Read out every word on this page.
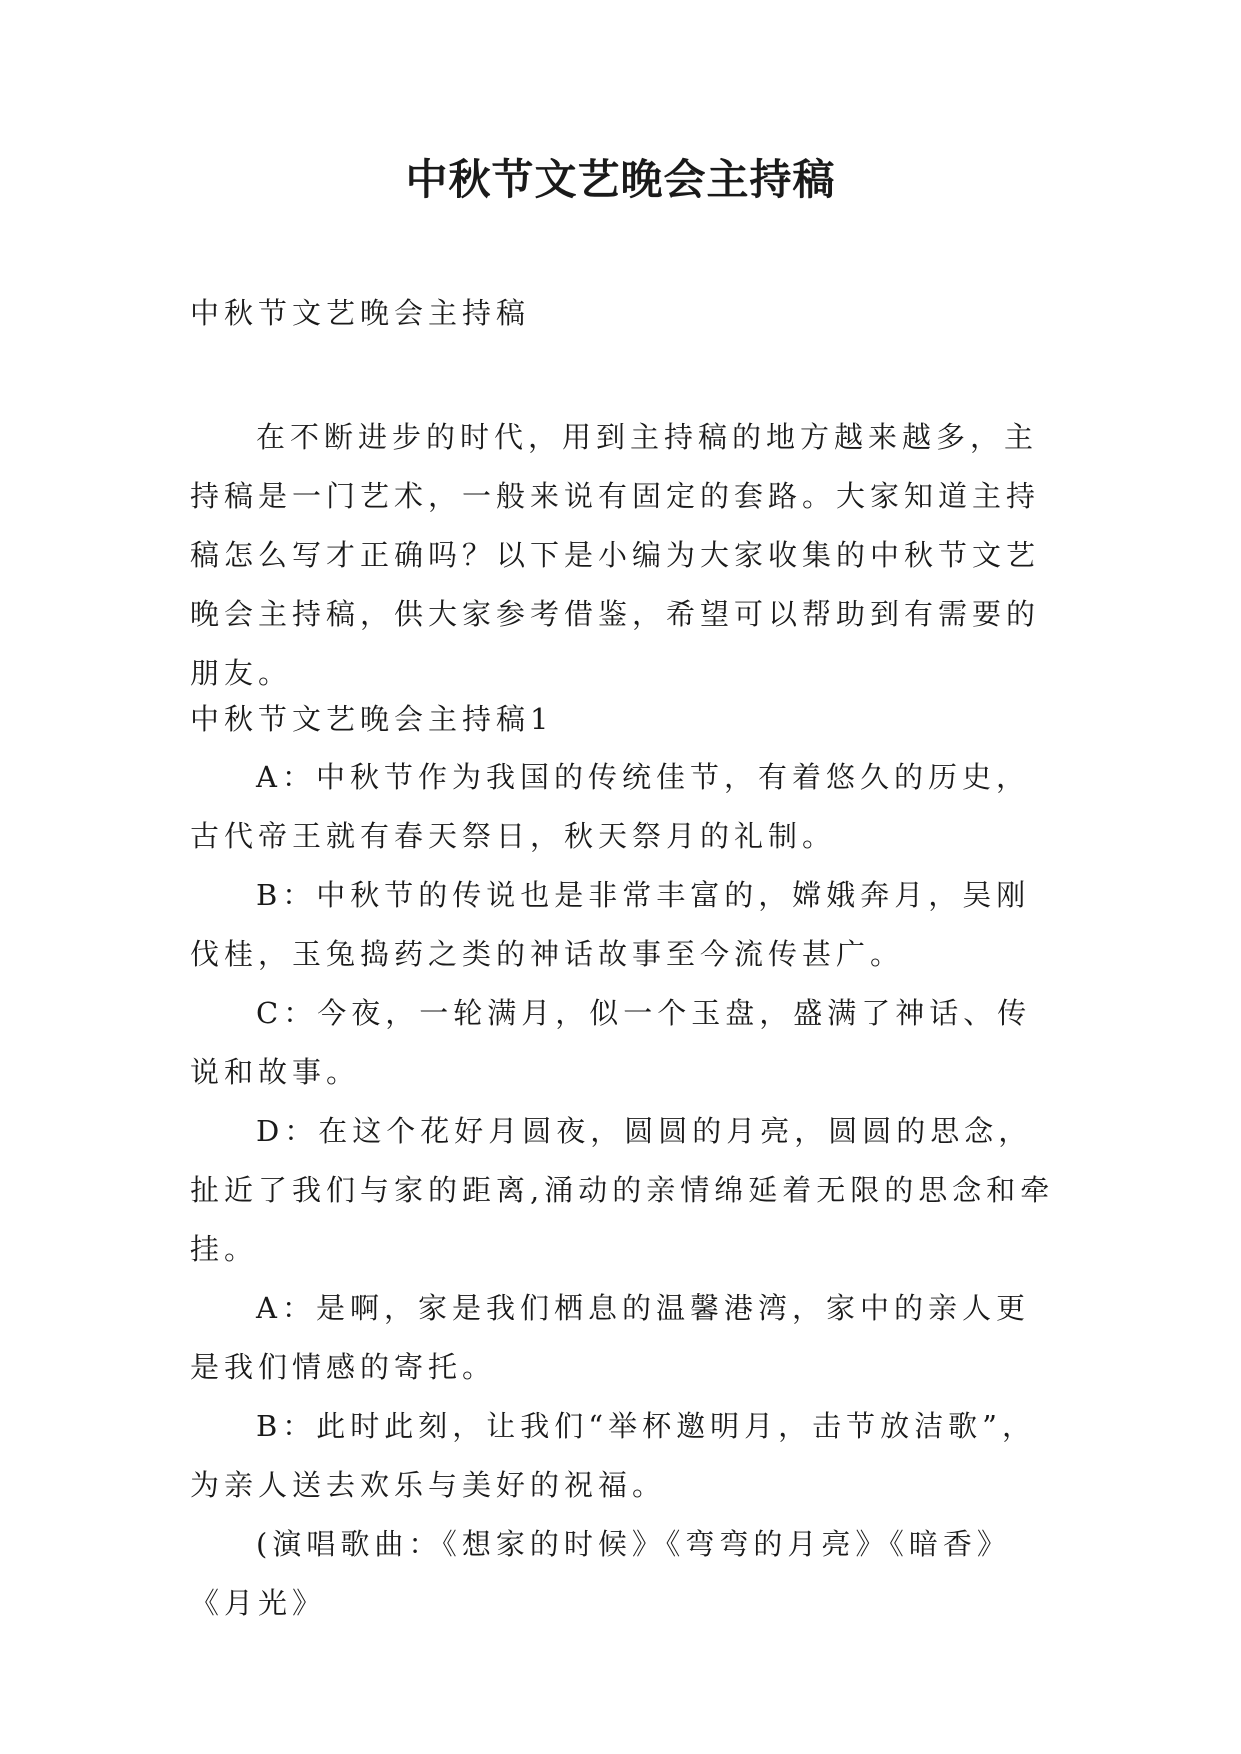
中秋节文艺晚会主持稿

中秋节文艺晚会主持稿

在不断进步的时代，用到主持稿的地方越来越多，主持稿是一门艺术，一般来说有固定的套路。大家知道主持稿怎么写才正确吗？以下是小编为大家收集的中秋节文艺晚会主持稿，供大家参考借鉴，希望可以帮助到有需要的朋友。

中秋节文艺晚会主持稿1

A：中秋节作为我国的传统佳节，有着悠久的历史，古代帝王就有春天祭日，秋天祭月的礼制。

B：中秋节的传说也是非常丰富的，嫦娥奔月，吴刚伐桂，玉兔捣药之类的神话故事至今流传甚广。

C：今夜，一轮满月，似一个玉盘，盛满了神话、传说和故事。

D：在这个花好月圆夜，圆圆的月亮，圆圆的思念，扯近了我们与家的距离,涌动的亲情绵延着无限的思念和牵挂。

A：是啊，家是我们栖息的温馨港湾，家中的亲人更是我们情感的寄托。

B：此时此刻，让我们“举杯邀明月，击节放洁歌”，为亲人送去欢乐与美好的祝福。

(演唱歌曲：《想家的时候》《弯弯的月亮》《暗香》《月光》
